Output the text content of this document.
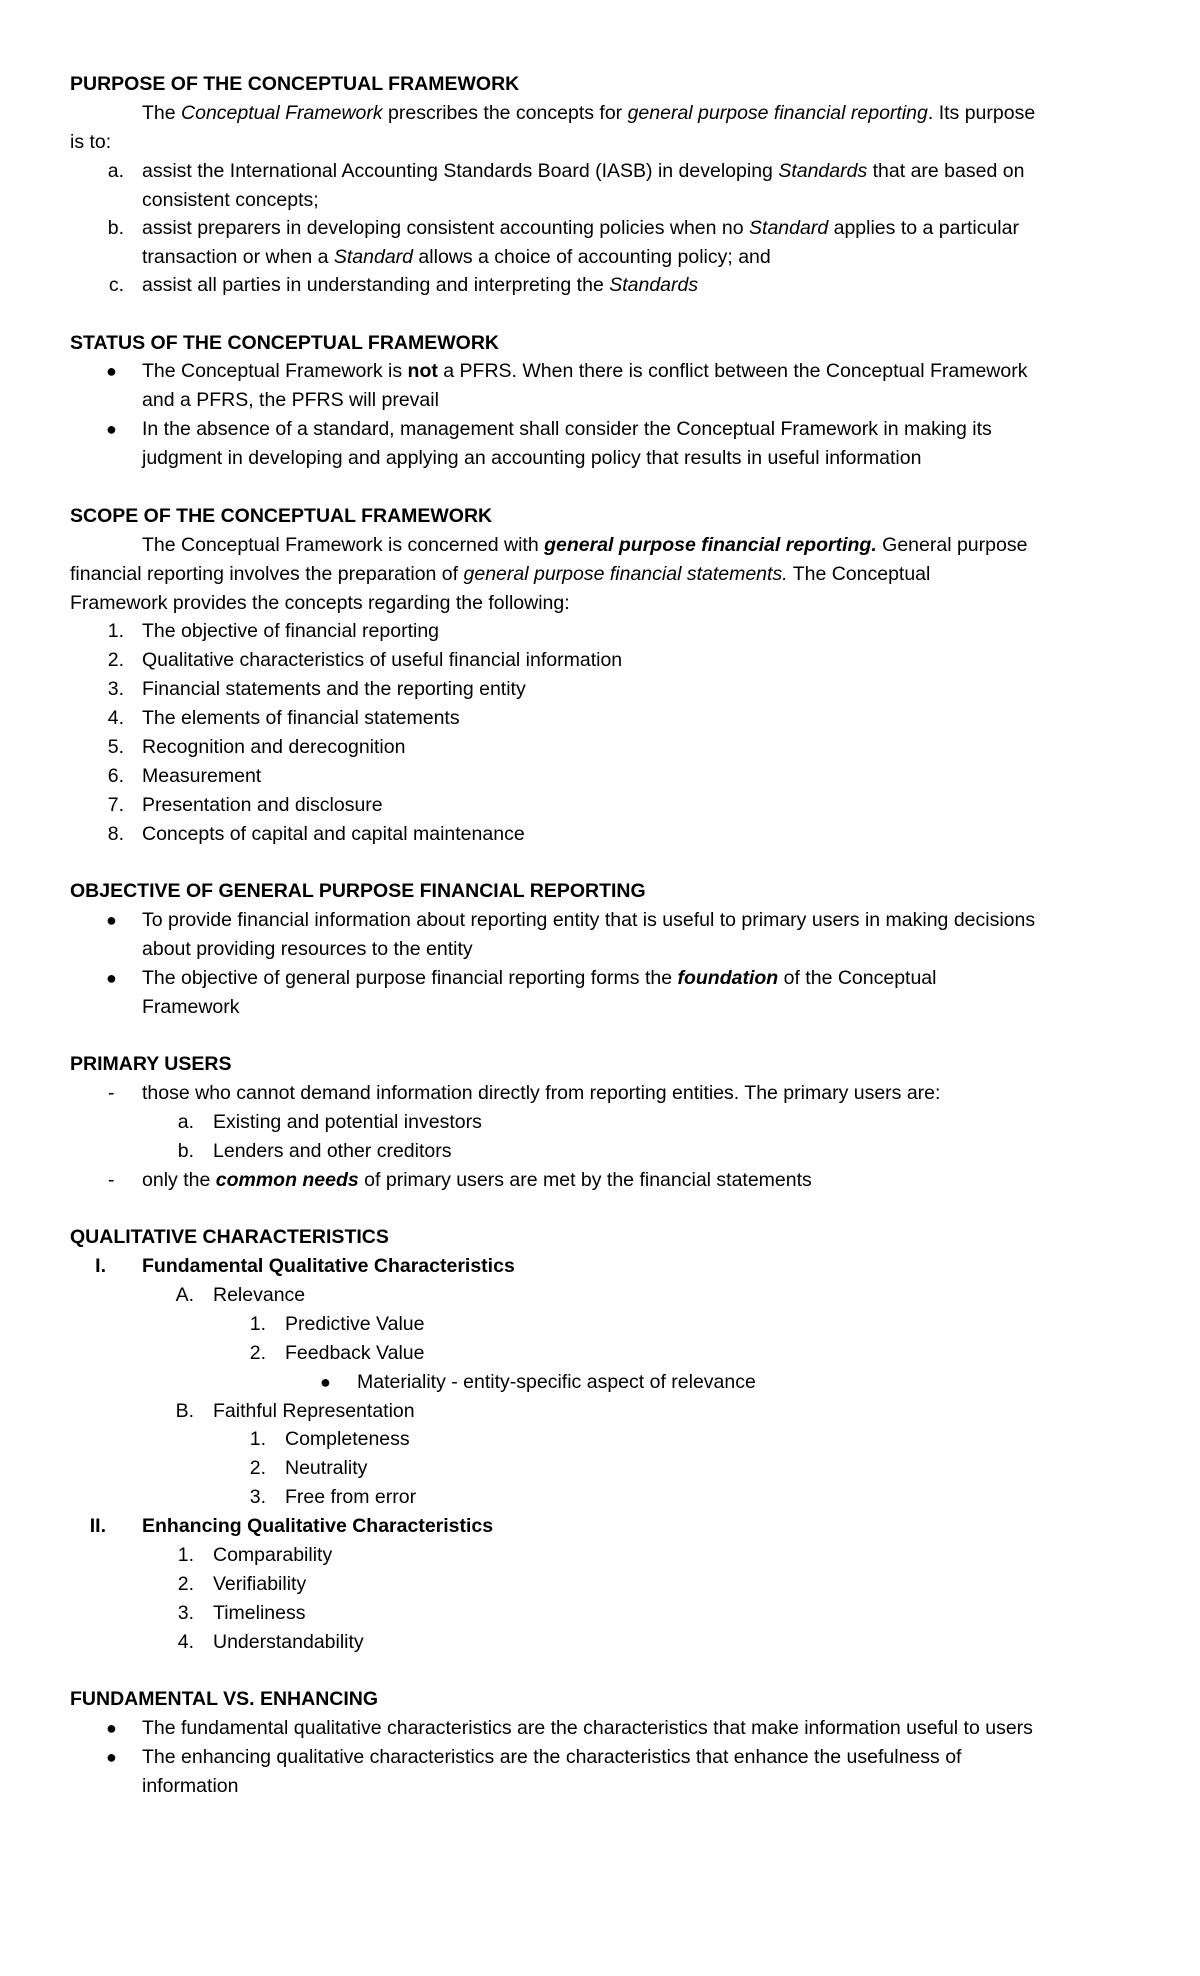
PURPOSE OF THE CONCEPTUAL FRAMEWORK
The Conceptual Framework prescribes the concepts for general purpose financial reporting. Its purpose
is to:
a. assist the International Accounting Standards Board (IASB) in developing Standards that are based on
consistent concepts;
b. assist preparers in developing consistent accounting policies when no Standard applies to a particular
transaction or when a Standard allows a choice of accounting policy; and
c. assist all parties in understanding and interpreting the Standards
STATUS OF THE CONCEPTUAL FRAMEWORK
● The Conceptual Framework is not a PFRS. When there is conflict between the Conceptual Framework
and a PFRS, the PFRS will prevail
● In the absence of a standard, management shall consider the Conceptual Framework in making its
judgment in developing and applying an accounting policy that results in useful information
SCOPE OF THE CONCEPTUAL FRAMEWORK
The Conceptual Framework is concerned with general purpose financial reporting. General purpose
financial reporting involves the preparation of general purpose financial statements. The Conceptual
Framework provides the concepts regarding the following:
1. The objective of financial reporting
2. Qualitative characteristics of useful financial information
3. Financial statements and the reporting entity
4. The elements of financial statements
5. Recognition and derecognition
6. Measurement
7. Presentation and disclosure
8. Concepts of capital and capital maintenance
OBJECTIVE OF GENERAL PURPOSE FINANCIAL REPORTING
● To provide financial information about reporting entity that is useful to primary users in making decisions
about providing resources to the entity
● The objective of general purpose financial reporting forms the foundation of the Conceptual
Framework
PRIMARY USERS
- those who cannot demand information directly from reporting entities. The primary users are:
a. Existing and potential investors
b. Lenders and other creditors
- only the common needs of primary users are met by the financial statements
QUALITATIVE CHARACTERISTICS
I. Fundamental Qualitative Characteristics
A. Relevance
1. Predictive Value
2. Feedback Value
● Materiality - entity-specific aspect of relevance
B. Faithful Representation
1. Completeness
2. Neutrality
3. Free from error
II. Enhancing Qualitative Characteristics
1. Comparability
2. Verifiability
3. Timeliness
4. Understandability
FUNDAMENTAL VS. ENHANCING
● The fundamental qualitative characteristics are the characteristics that make information useful to users
● The enhancing qualitative characteristics are the characteristics that enhance the usefulness of
information
